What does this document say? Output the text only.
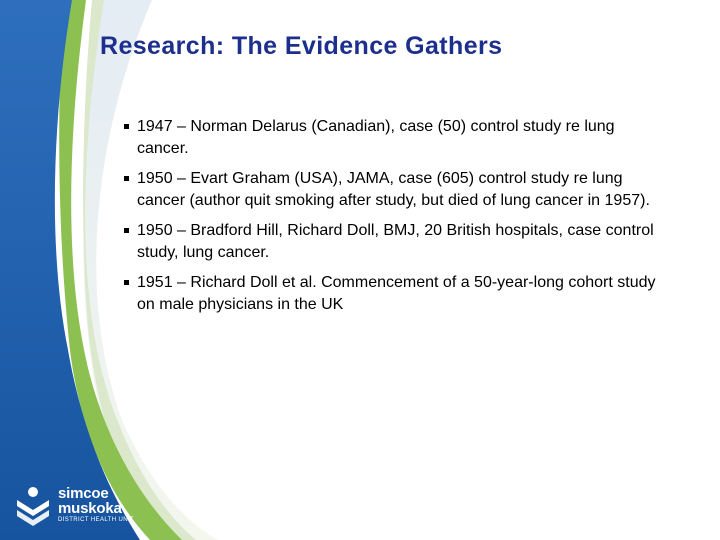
Research: The Evidence Gathers
1947 – Norman Delarus (Canadian), case (50) control study re lung cancer.
1950 – Evart Graham (USA), JAMA, case (605) control study re lung cancer (author quit smoking after study, but died of lung cancer in 1957).
1950 – Bradford Hill, Richard Doll, BMJ, 20 British hospitals, case control study, lung cancer.
1951 – Richard Doll et al. Commencement of a 50-year-long cohort study on male physicians in the UK
simcoe
muskoka
DISTRICT HEALTH UNIT
